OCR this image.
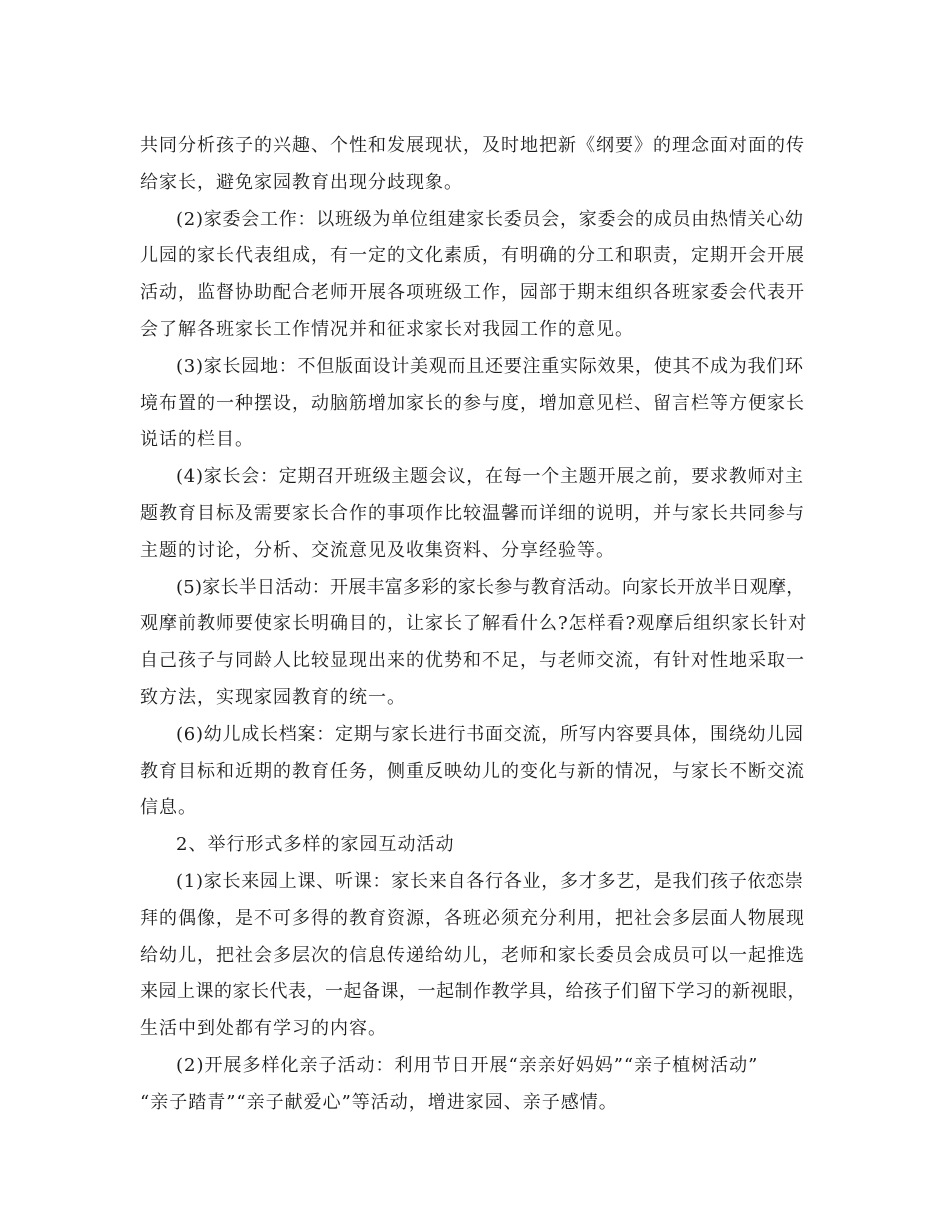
共同分析孩子的兴趣、个性和发展现状，及时地把新《纲要》的理念面对面的传
给家长，避免家园教育出现分歧现象。
(2)家委会工作：以班级为单位组建家长委员会，家委会的成员由热情关心幼
儿园的家长代表组成，有一定的文化素质，有明确的分工和职责，定期开会开展
活动，监督协助配合老师开展各项班级工作，园部于期末组织各班家委会代表开
会了解各班家长工作情况并和征求家长对我园工作的意见。
(3)家长园地：不但版面设计美观而且还要注重实际效果，使其不成为我们环
境布置的一种摆设，动脑筋增加家长的参与度，增加意见栏、留言栏等方便家长
说话的栏目。
(4)家长会：定期召开班级主题会议，在每一个主题开展之前，要求教师对主
题教育目标及需要家长合作的事项作比较温馨而详细的说明，并与家长共同参与
主题的讨论，分析、交流意见及收集资料、分享经验等。
(5)家长半日活动：开展丰富多彩的家长参与教育活动。向家长开放半日观摩，
观摩前教师要使家长明确目的，让家长了解看什么?怎样看?观摩后组织家长针对
自己孩子与同龄人比较显现出来的优势和不足，与老师交流，有针对性地采取一
致方法，实现家园教育的统一。
(6)幼儿成长档案：定期与家长进行书面交流，所写内容要具体，围绕幼儿园
教育目标和近期的教育任务，侧重反映幼儿的变化与新的情况，与家长不断交流
信息。
2、举行形式多样的家园互动活动
(1)家长来园上课、听课：家长来自各行各业，多才多艺，是我们孩子依恋崇
拜的偶像，是不可多得的教育资源，各班必须充分利用，把社会多层面人物展现
给幼儿，把社会多层次的信息传递给幼儿，老师和家长委员会成员可以一起推选
来园上课的家长代表，一起备课，一起制作教学具，给孩子们留下学习的新视眼，
生活中到处都有学习的内容。
(2)开展多样化亲子活动：利用节日开展“亲亲好妈妈”“亲子植树活动”
“亲子踏青”“亲子献爱心”等活动，增进家园、亲子感情。
